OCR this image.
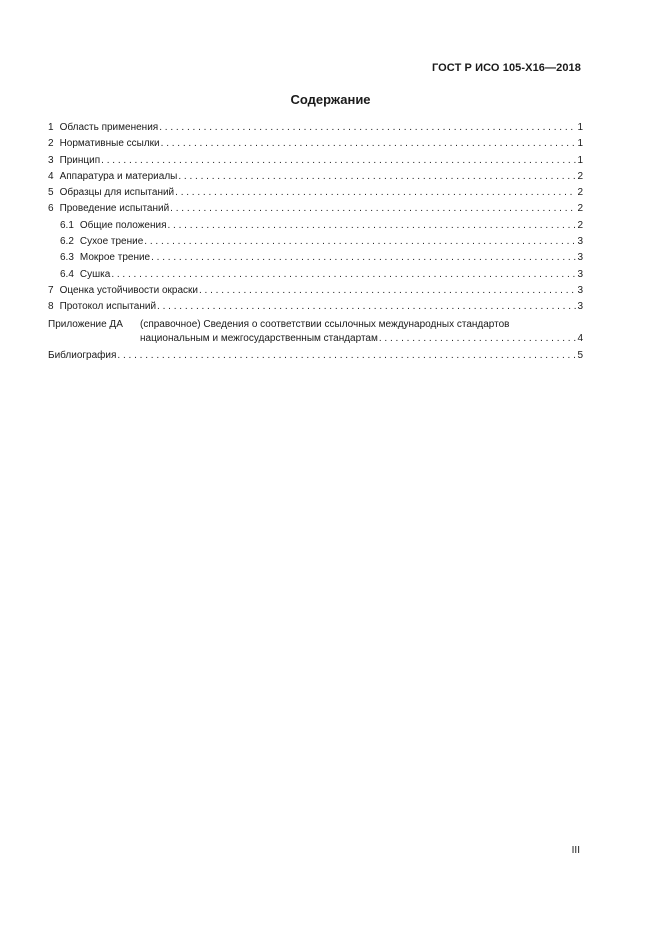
ГОСТ Р ИСО 105-Х16—2018
Содержание
1 Область применения . . .	1
2 Нормативные ссылки . . .	1
3 Принцип . . .	1
4 Аппаратура и материалы . . .	2
5 Образцы для испытаний . . .	2
6 Проведение испытаний . . .	2
6.1 Общие положения . . .	2
6.2 Сухое трение . . .	3
6.3 Мокрое трение . . .	3
6.4 Сушка . . .	3
7 Оценка устойчивости окраски . . .	3
8 Протокол испытаний . . .	3
Приложение ДА	(справочное) Сведения о соответствии ссылочных международных стандартов
национальным и межгосударственным стандартам . . .	4
Библиография . . .	5
III
